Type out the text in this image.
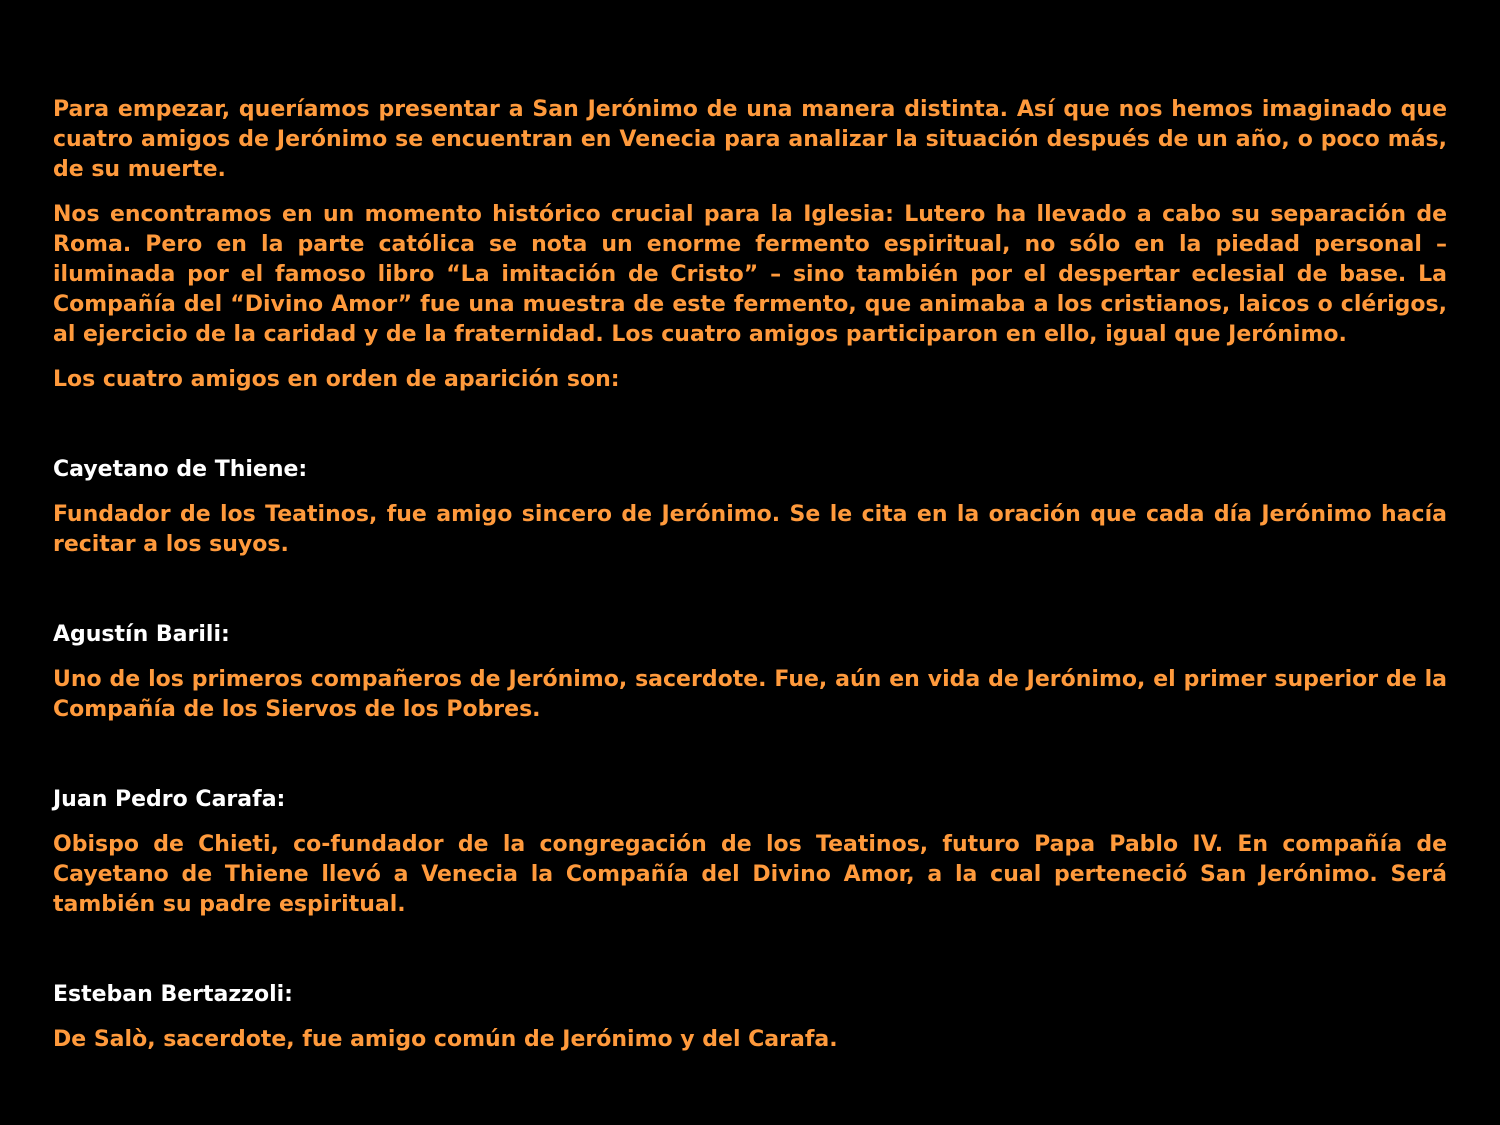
Para empezar, queríamos presentar a San Jerónimo de una manera distinta. Así que nos hemos imaginado que cuatro amigos de Jerónimo se encuentran en Venecia para analizar la situación después de un año, o poco más, de su muerte.

Nos encontramos en un momento histórico crucial para la Iglesia: Lutero ha llevado a cabo su separación de Roma. Pero en la parte católica se nota un enorme fermento espiritual, no sólo en la piedad personal – iluminada por el famoso libro “La imitación de Cristo” – sino también por el despertar eclesial de base. La Compañía del “Divino Amor” fue una muestra de este fermento, que animaba a los cristianos, laicos o clérigos, al ejercicio de la caridad y de la fraternidad. Los cuatro amigos participaron en ello, igual que Jerónimo.

Los cuatro amigos en orden de aparición son:

Cayetano de Thiene:

Fundador de los Teatinos, fue amigo sincero de Jerónimo. Se le cita en la oración que cada día Jerónimo hacía recitar a los suyos.

Agustín Barili:

Uno de los primeros compañeros de Jerónimo, sacerdote. Fue, aún en vida de Jerónimo, el primer superior de la Compañía de los Siervos de los Pobres.

Juan Pedro Carafa:

Obispo de Chieti, co-fundador de la congregación de los Teatinos, futuro Papa Pablo IV. En compañía de Cayetano de Thiene llevó a Venecia la Compañía del Divino Amor, a la cual perteneció San Jerónimo. Será también su padre espiritual.

Esteban Bertazzoli:

De Salò, sacerdote, fue amigo común de Jerónimo y del Carafa.
